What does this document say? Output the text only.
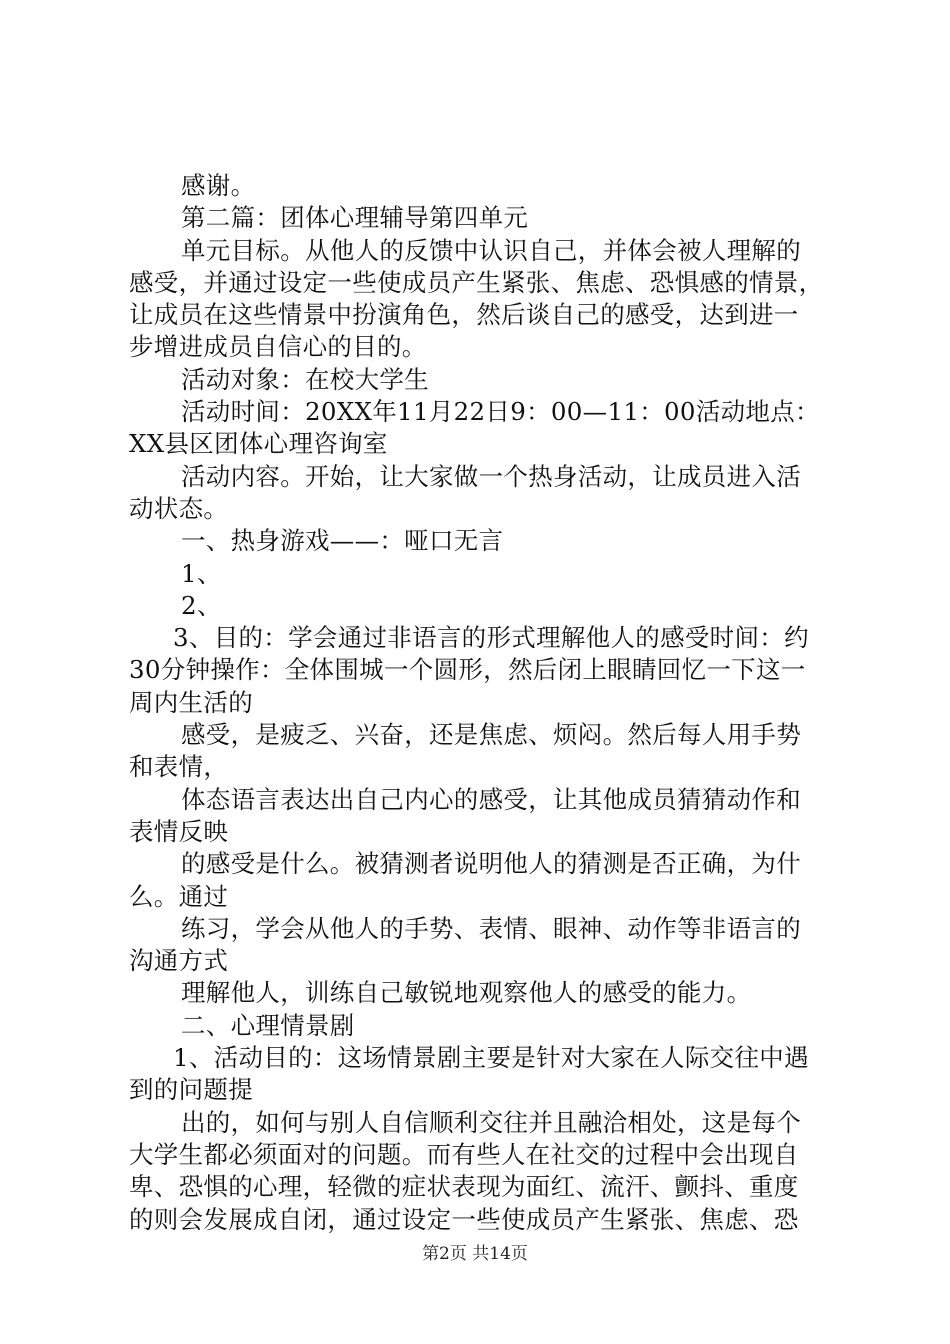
感谢。
第二篇：团体心理辅导第四单元
单元目标。从他人的反馈中认识自己，并体会被人理解的
感受，并通过设定一些使成员产生紧张、焦虑、恐惧感的情景，
让成员在这些情景中扮演角色，然后谈自己的感受，达到进一
步增进成员自信心的目的。
活动对象：在校大学生
活动时间：20XX年11月22日9：00—11：00活动地点：
XX县区团体心理咨询室
活动内容。开始，让大家做一个热身活动，让成员进入活
动状态。
一、热身游戏——：哑口无言
1、
2、
3、目的：学会通过非语言的形式理解他人的感受时间：约
30分钟操作：全体围城一个圆形，然后闭上眼睛回忆一下这一
周内生活的
感受，是疲乏、兴奋，还是焦虑、烦闷。然后每人用手势
和表情，
体态语言表达出自己内心的感受，让其他成员猜猜动作和
表情反映
的感受是什么。被猜测者说明他人的猜测是否正确，为什
么。通过
练习，学会从他人的手势、表情、眼神、动作等非语言的
沟通方式
理解他人，训练自己敏锐地观察他人的感受的能力。
二、心理情景剧
1、活动目的：这场情景剧主要是针对大家在人际交往中遇
到的问题提
出的，如何与别人自信顺利交往并且融洽相处，这是每个
大学生都必须面对的问题。而有些人在社交的过程中会出现自
卑、恐惧的心理，轻微的症状表现为面红、流汗、颤抖、重度
的则会发展成自闭，通过设定一些使成员产生紧张、焦虑、恐
第2页 共14页
